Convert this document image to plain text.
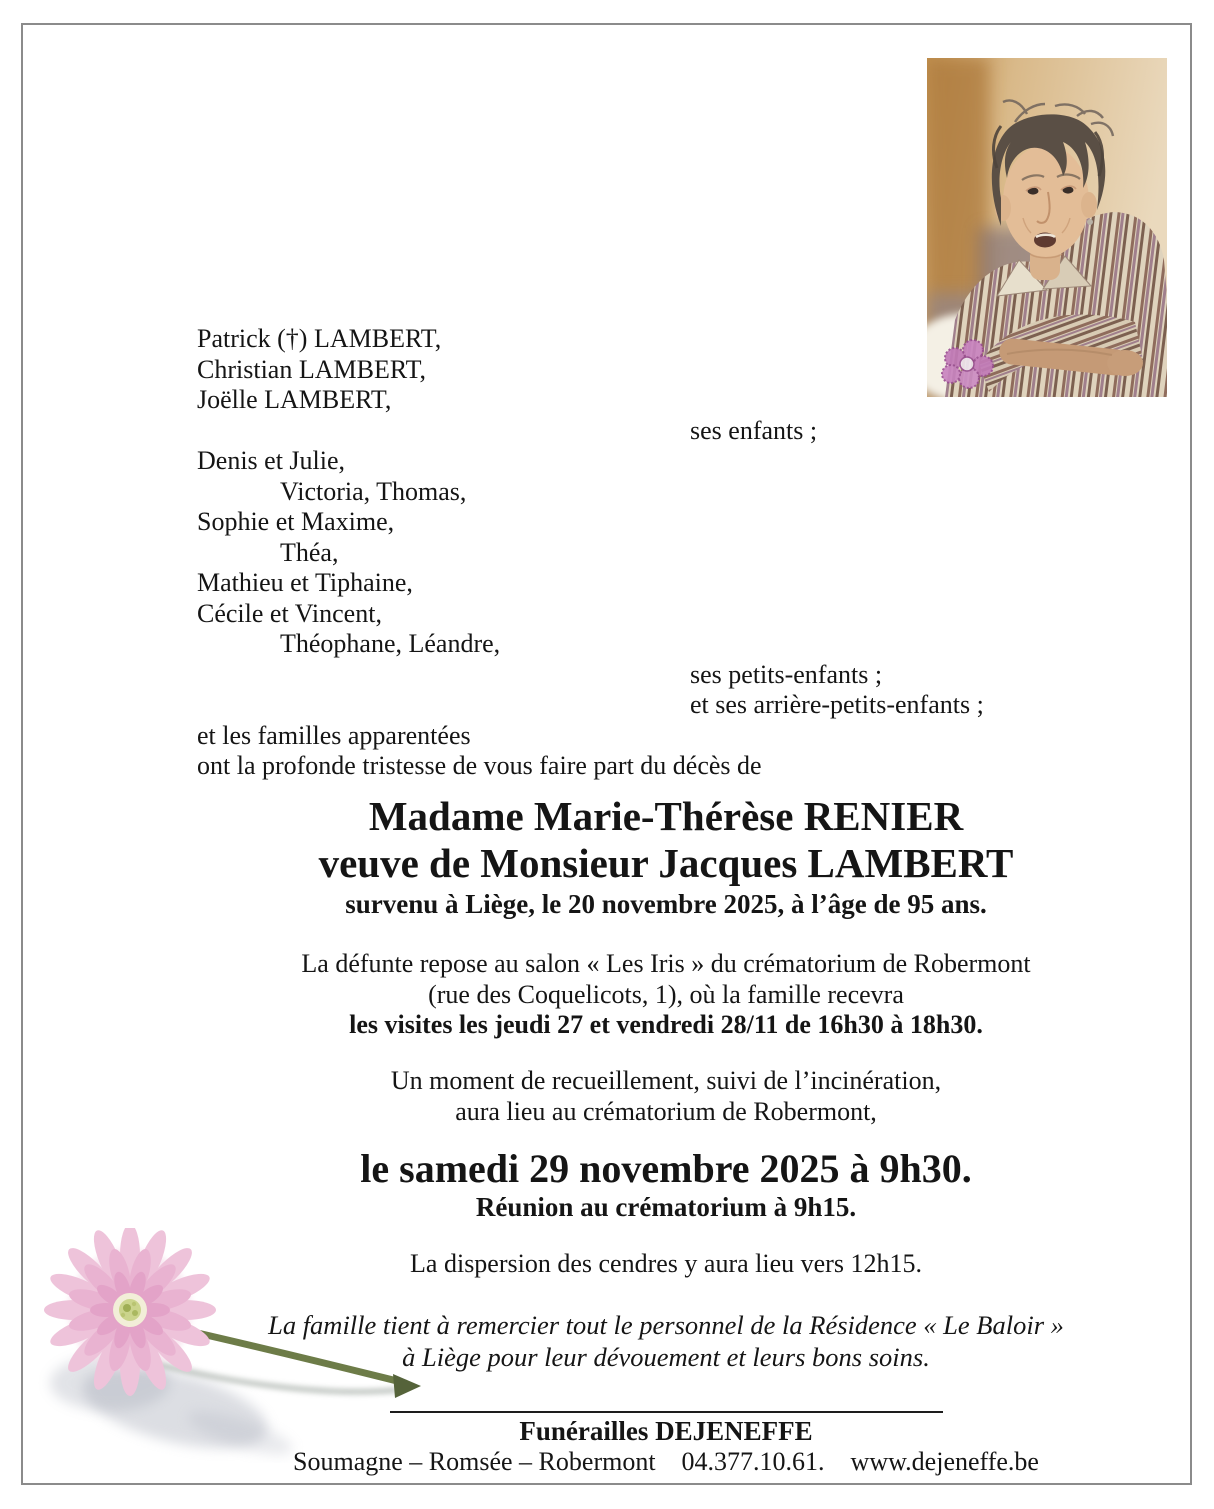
Patrick (†) LAMBERT,
Christian LAMBERT,
Joëlle LAMBERT,
ses enfants ;
Denis et Julie,
Victoria, Thomas,
Sophie et Maxime,
Théa,
Mathieu et Tiphaine,
Cécile et Vincent,
Théophane, Léandre,
ses petits-enfants ;
et ses arrière-petits-enfants ;
et les familles apparentées
ont la profonde tristesse de vous faire part du décès de
Madame Marie-Thérèse RENIER
veuve de Monsieur Jacques LAMBERT
survenu à Liège, le 20 novembre 2025, à l’âge de 95 ans.
La défunte repose au salon « Les Iris » du crématorium de Robermont
(rue des Coquelicots, 1), où la famille recevra
les visites les jeudi 27 et vendredi 28/11 de 16h30 à 18h30.
Un moment de recueillement, suivi de l’incinération,
aura lieu au crématorium de Robermont,
le samedi 29 novembre 2025 à 9h30.
Réunion au crématorium à 9h15.
La dispersion des cendres y aura lieu vers 12h15.
La famille tient à remercier tout le personnel de la Résidence « Le Baloir »
à Liège pour leur dévouement et leurs bons soins.
Funérailles DEJENEFFE
Soumagne – Romsée – Robermont    04.377.10.61.    www.dejeneffe.be
